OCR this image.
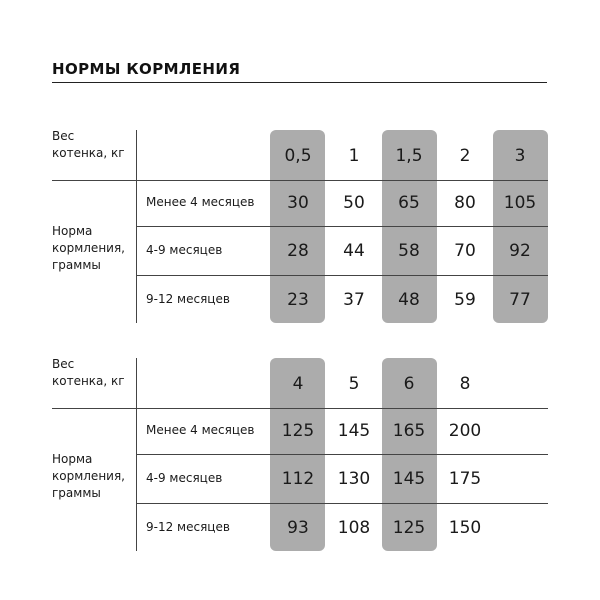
НОРМЫ КОРМЛЕНИЯ
Вес
котенка, кг
Норма
кормления,
граммы
0,5	1	1,5	2	3
Менее 4 месяцев	30	50	65	80	105
4-9 месяцев	28	44	58	70	92
9-12 месяцев	23	37	48	59	77
Вес
котенка, кг
Норма
кормления,
граммы
4	5	6	8
Менее 4 месяцев	125	145	165	200
4-9 месяцев	112	130	145	175
9-12 месяцев	93	108	125	150
